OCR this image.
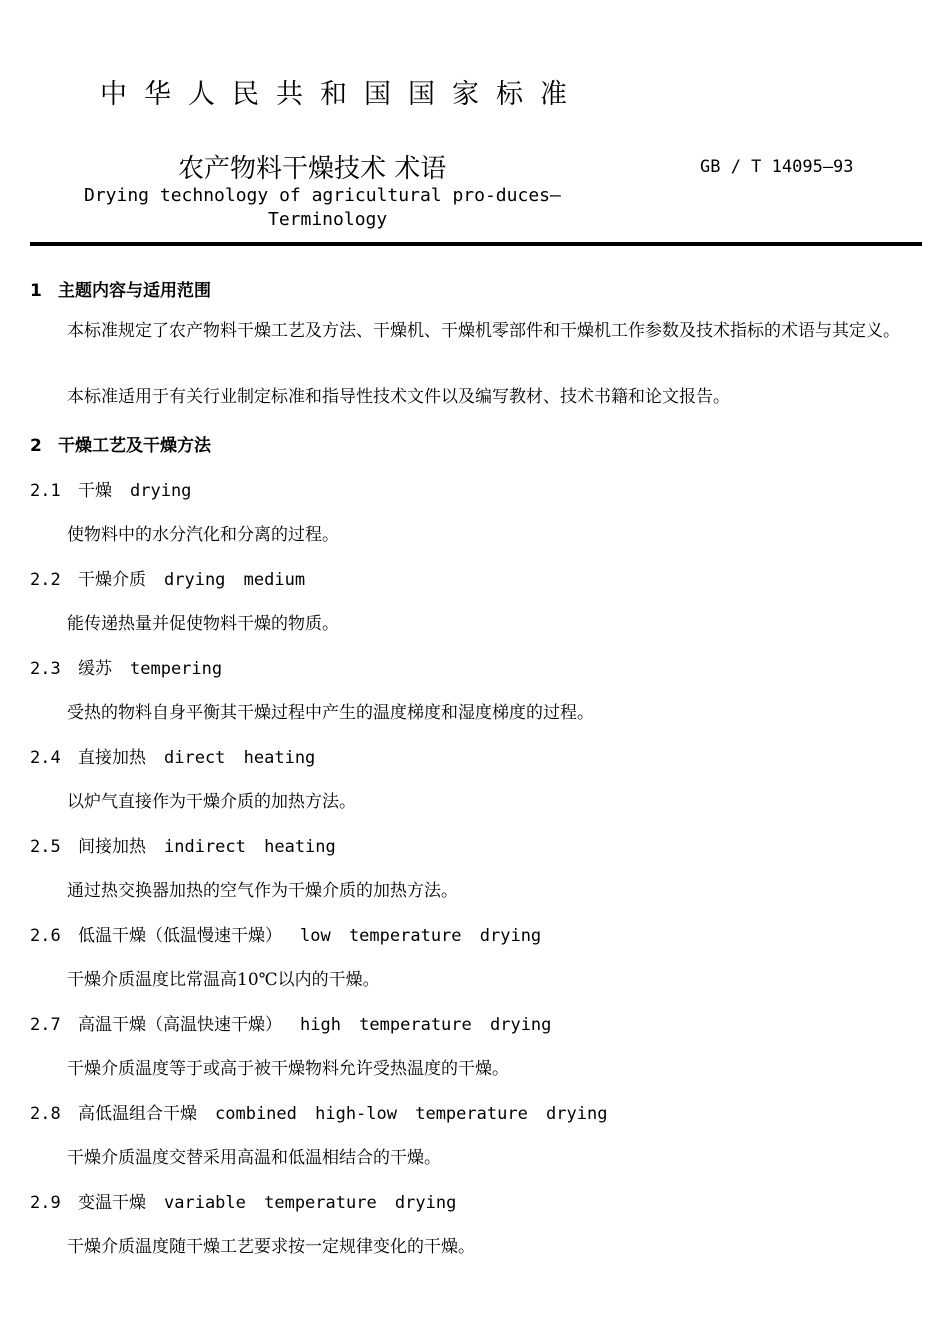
中华人民共和国国家标准
农产物料干燥技术 术语	GB / T 14095—93
Drying technology of agricultural pro-duces—
Terminology
1 主题内容与适用范围
本标准规定了农产物料干燥工艺及方法、干燥机、干燥机零部件和干燥机工作参数及技术指标的术语与其定义。
本标准适用于有关行业制定标准和指导性技术文件以及编写教材、技术书籍和论文报告。
2 干燥工艺及干燥方法
2.1 干燥 drying
使物料中的水分汽化和分离的过程。
2.2 干燥介质 drying medium
能传递热量并促使物料干燥的物质。
2.3 缓苏 tempering
受热的物料自身平衡其干燥过程中产生的温度梯度和湿度梯度的过程。
2.4 直接加热 direct heating
以炉气直接作为干燥介质的加热方法。
2.5 间接加热 indirect heating
通过热交换器加热的空气作为干燥介质的加热方法。
2.6 低温干燥（低温慢速干燥） low temperature drying
干燥介质温度比常温高10℃以内的干燥。
2.7 高温干燥（高温快速干燥） high temperature drying
干燥介质温度等于或高于被干燥物料允许受热温度的干燥。
2.8 高低温组合干燥 combined high-low temperature drying
干燥介质温度交替采用高温和低温相结合的干燥。
2.9 变温干燥 variable temperature drying
干燥介质温度随干燥工艺要求按一定规律变化的干燥。
